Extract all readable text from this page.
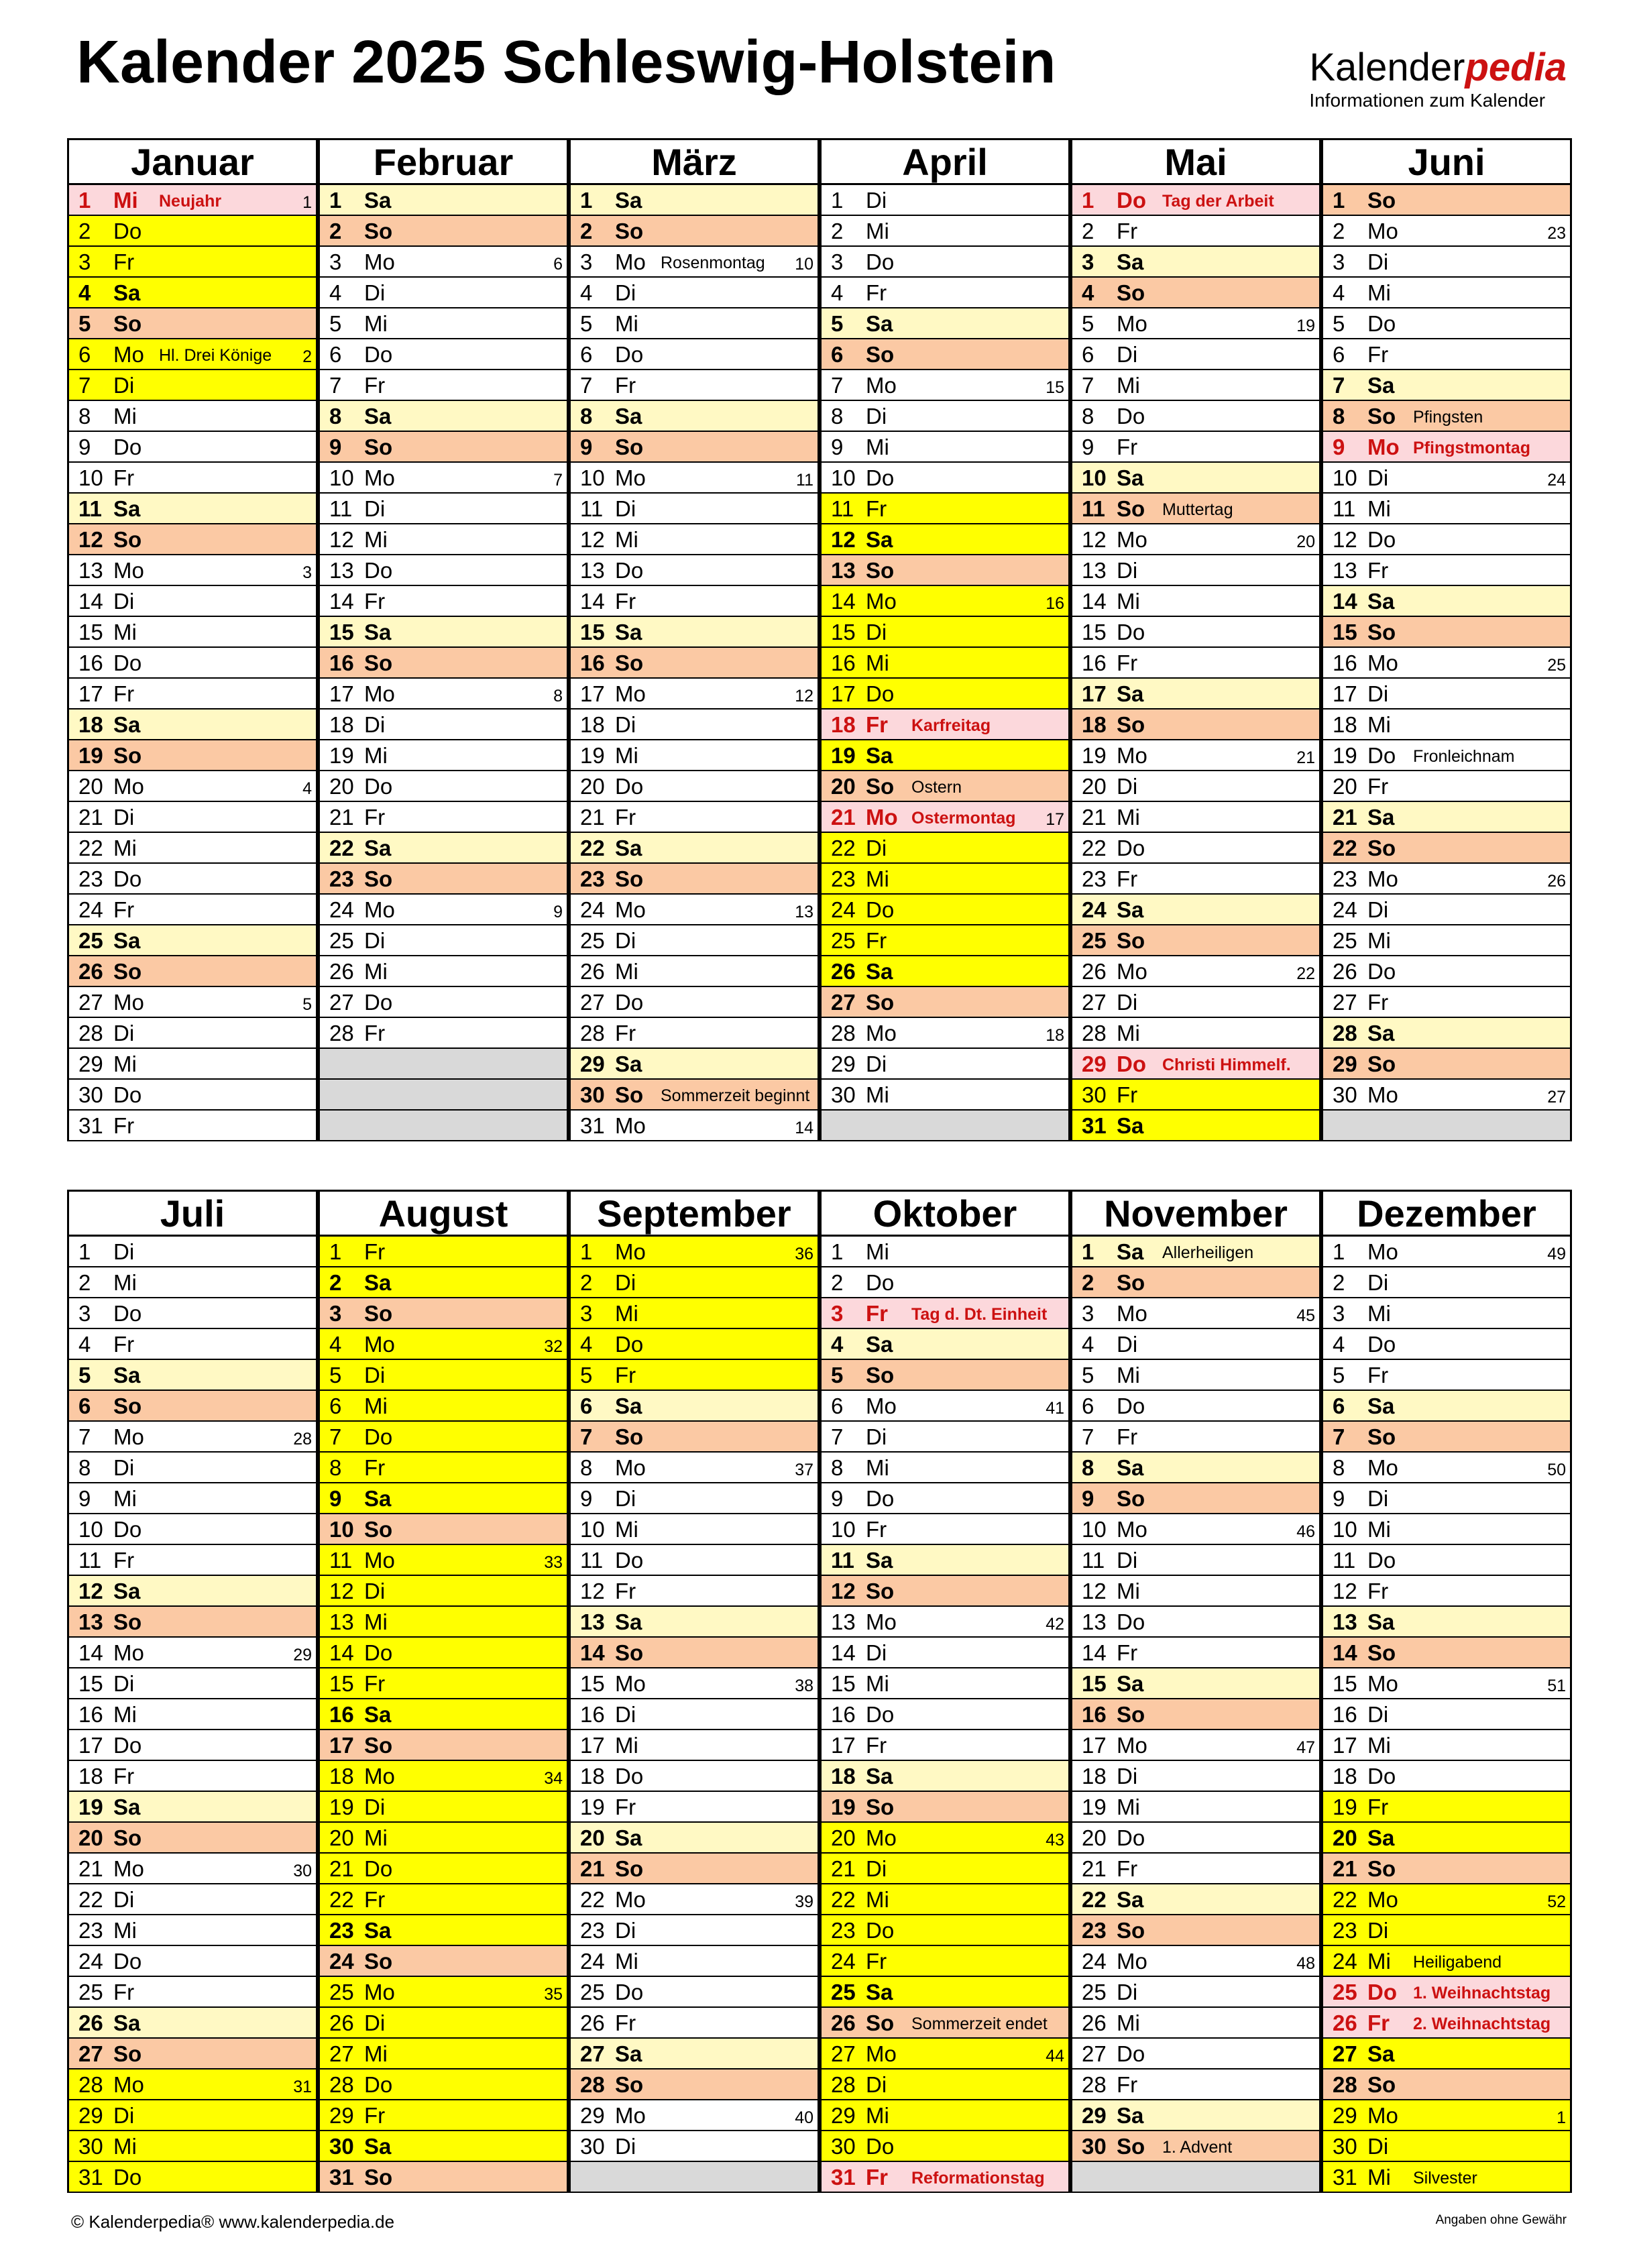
Kalender 2025 Schleswig-Holstein	Kalenderpedia
Informationen zum Kalender
Januar
1 Mi Neujahr	1
2 Do
3 Fr
4 Sa
5 So
6 Mo Hl. Drei Könige 2
7 Di
8 Mi
9 Do
10 Fr
11 Sa
12 So
13 Mo	3
14 Di
15 Mi
16 Do
17 Fr
18 Sa
19 So
20 Mo	4
21 Di
22 Mi
23 Do
24 Fr
25 Sa
26 So
27 Mo	5
28 Di
29 Mi
30 Do
31 Fr
Februar
1 Sa
2 So
3 Mo	6
4 Di
5 Mi
6 Do
7 Fr
8 Sa
9 So
10 Mo	7
11 Di
12 Mi
13 Do
14 Fr
15 Sa
16 So
17 Mo	8
18 Di
19 Mi
20 Do
21 Fr
22 Sa
23 So
24 Mo	9
25 Di
26 Mi
27 Do
28 Fr
März
1 Sa
2 So
3 Mo Rosenmontag 10
4 Di
5 Mi
6 Do
7 Fr
8 Sa
9 So
10 Mo	11
11 Di
12 Mi
13 Do
14 Fr
15 Sa
16 So
17 Mo	12
18 Di
19 Mi
20 Do
21 Fr
22 Sa
23 So
24 Mo	13
25 Di
26 Mi
27 Do
28 Fr
29 Sa
30 So Sommerzeit beginnt
31 Mo	14
April
1 Di
2 Mi
3 Do
4 Fr
5 Sa
6 So
7 Mo	15
8 Di
9 Mi
10 Do
11 Fr
12 Sa
13 So
14 Mo	16
15 Di
16 Mi
17 Do
18 Fr Karfreitag
19 Sa
20 So Ostern
21 Mo Ostermontag 17
22 Di
23 Mi
24 Do
25 Fr
26 Sa
27 So
28 Mo	18
29 Di
30 Mi
Mai
1 Do Tag der Arbeit
2 Fr
3 Sa
4 So
5 Mo	19
6 Di
7 Mi
8 Do
9 Fr
10 Sa
11 So Muttertag
12 Mo	20
13 Di
14 Mi
15 Do
16 Fr
17 Sa
18 So
19 Mo	21
20 Di
21 Mi
22 Do
23 Fr
24 Sa
25 So
26 Mo	22
27 Di
28 Mi
29 Do Christi Himmelf.
30 Fr
31 Sa
Juni
1 So
2 Mo	23
3 Di
4 Mi
5 Do
6 Fr
7 Sa
8 So Pfingsten
9 Mo Pfingstmontag
10 Di	24
11 Mi
12 Do
13 Fr
14 Sa
15 So
16 Mo	25
17 Di
18 Mi
19 Do Fronleichnam
20 Fr
21 Sa
22 So
23 Mo	26
24 Di
25 Mi
26 Do
27 Fr
28 Sa
29 So
30 Mo	27
Juli
1 Di
2 Mi
3 Do
4 Fr
5 Sa
6 So
7 Mo	28
8 Di
9 Mi
10 Do
11 Fr
12 Sa
13 So
14 Mo	29
15 Di
16 Mi
17 Do
18 Fr
19 Sa
20 So
21 Mo	30
22 Di
23 Mi
24 Do
25 Fr
26 Sa
27 So
28 Mo	31
29 Di
30 Mi
31 Do
August
1 Fr
2 Sa
3 So
4 Mo	32
5 Di
6 Mi
7 Do
8 Fr
9 Sa
10 So
11 Mo	33
12 Di
13 Mi
14 Do
15 Fr
16 Sa
17 So
18 Mo	34
19 Di
20 Mi
21 Do
22 Fr
23 Sa
24 So
25 Mo	35
26 Di
27 Mi
28 Do
29 Fr
30 Sa
31 So
September
1 Mo	36
2 Di
3 Mi
4 Do
5 Fr
6 Sa
7 So
8 Mo	37
9 Di
10 Mi
11 Do
12 Fr
13 Sa
14 So
15 Mo	38
16 Di
17 Mi
18 Do
19 Fr
20 Sa
21 So
22 Mo	39
23 Di
24 Mi
25 Do
26 Fr
27 Sa
28 So
29 Mo	40
30 Di
Oktober
1 Mi
2 Do
3 Fr Tag d. Dt. Einheit
4 Sa
5 So
6 Mo	41
7 Di
8 Mi
9 Do
10 Fr
11 Sa
12 So
13 Mo	42
14 Di
15 Mi
16 Do
17 Fr
18 Sa
19 So
20 Mo	43
21 Di
22 Mi
23 Do
24 Fr
25 Sa
26 So Sommerzeit endet
27 Mo	44
28 Di
29 Mi
30 Do
31 Fr Reformationstag
November
1 Sa Allerheiligen
2 So
3 Mo	45
4 Di
5 Mi
6 Do
7 Fr
8 Sa
9 So
10 Mo	46
11 Di
12 Mi
13 Do
14 Fr
15 Sa
16 So
17 Mo	47
18 Di
19 Mi
20 Do
21 Fr
22 Sa
23 So
24 Mo	48
25 Di
26 Mi
27 Do
28 Fr
29 Sa
30 So 1. Advent
Dezember
1 Mo	49
2 Di
3 Mi
4 Do
5 Fr
6 Sa
7 So
8 Mo	50
9 Di
10 Mi
11 Do
12 Fr
13 Sa
14 So
15 Mo	51
16 Di
17 Mi
18 Do
19 Fr
20 Sa
21 So
22 Mo	52
23 Di
24 Mi Heiligabend
25 Do 1. Weihnachtstag
26 Fr 2. Weihnachtstag
27 Sa
28 So
29 Mo	1
30 Di
31 Mi Silvester
© Kalenderpedia® www.kalenderpedia.de	Angaben ohne Gewähr
